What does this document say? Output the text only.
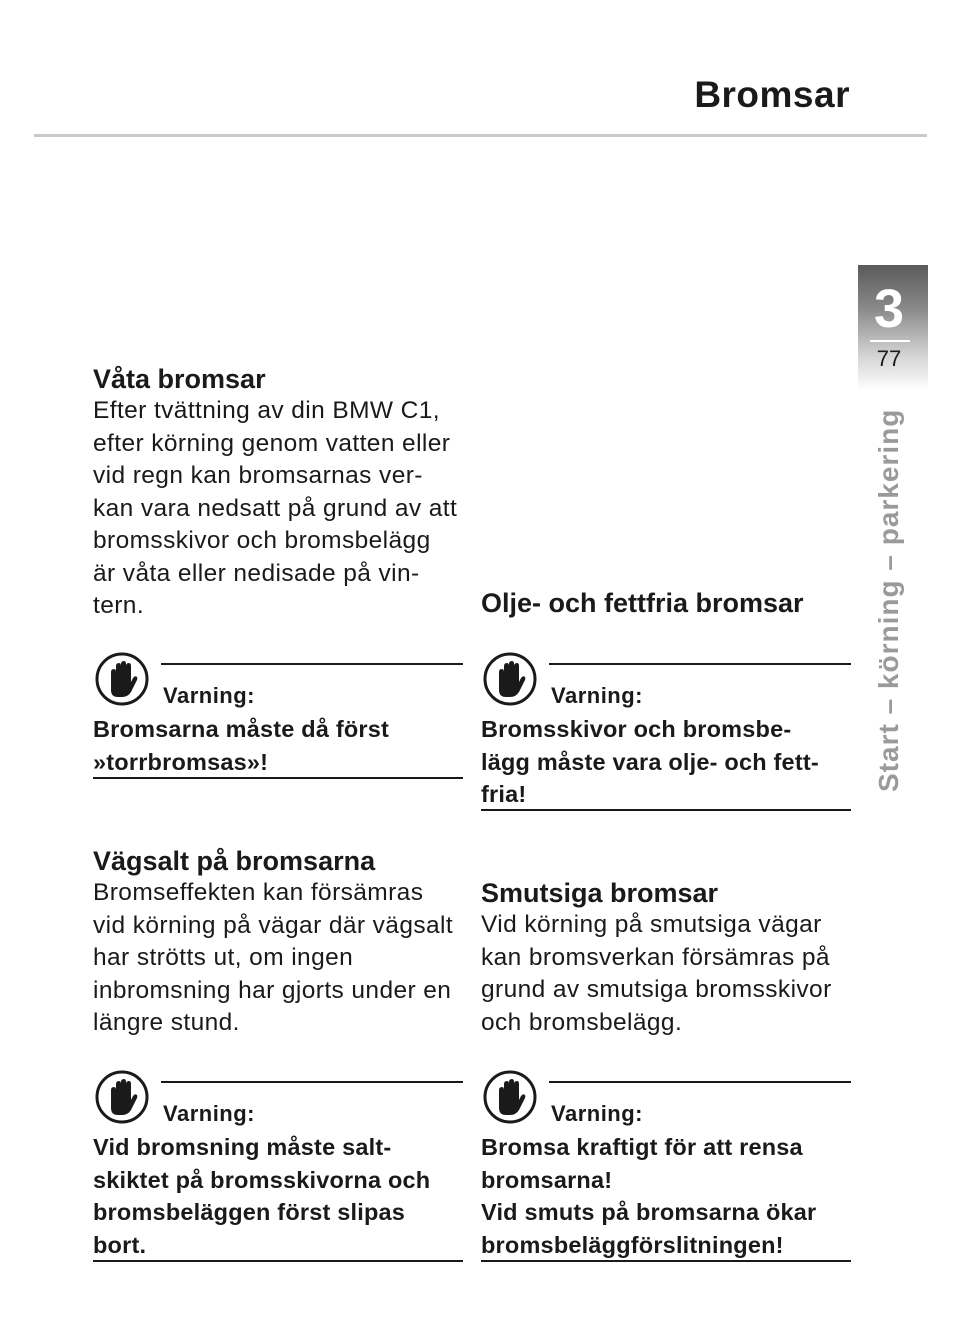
Bromsar
3
77
Start – körning – parkering

Våta bromsar

Efter tvättning av din BMW C1,
efter körning genom vatten eller
vid regn kan bromsarnas ver-
kan vara nedsatt på grund av att
bromsskivor och bromsbelägg
är våta eller nedisade på vin-
tern.

Varning:
Bromsarna måste då först
»torrbromsas»!

Vägsalt på bromsarna

Bromseffekten kan försämras
vid körning på vägar där vägsalt
har strötts ut, om ingen
inbromsning har gjorts under en
längre stund.

Varning:
Vid bromsning måste salt-
skiktet på bromsskivorna och
bromsbeläggen först slipas
bort.

Olje- och fettfria bromsar

Varning:
Bromsskivor och bromsbe-
lägg måste vara olje- och fett-
fria!

Smutsiga bromsar

Vid körning på smutsiga vägar
kan bromsverkan försämras på
grund av smutsiga bromsskivor
och bromsbelägg.

Varning:
Bromsa kraftigt för att rensa
bromsarna!
Vid smuts på bromsarna ökar
bromsbeläggförslitningen!
